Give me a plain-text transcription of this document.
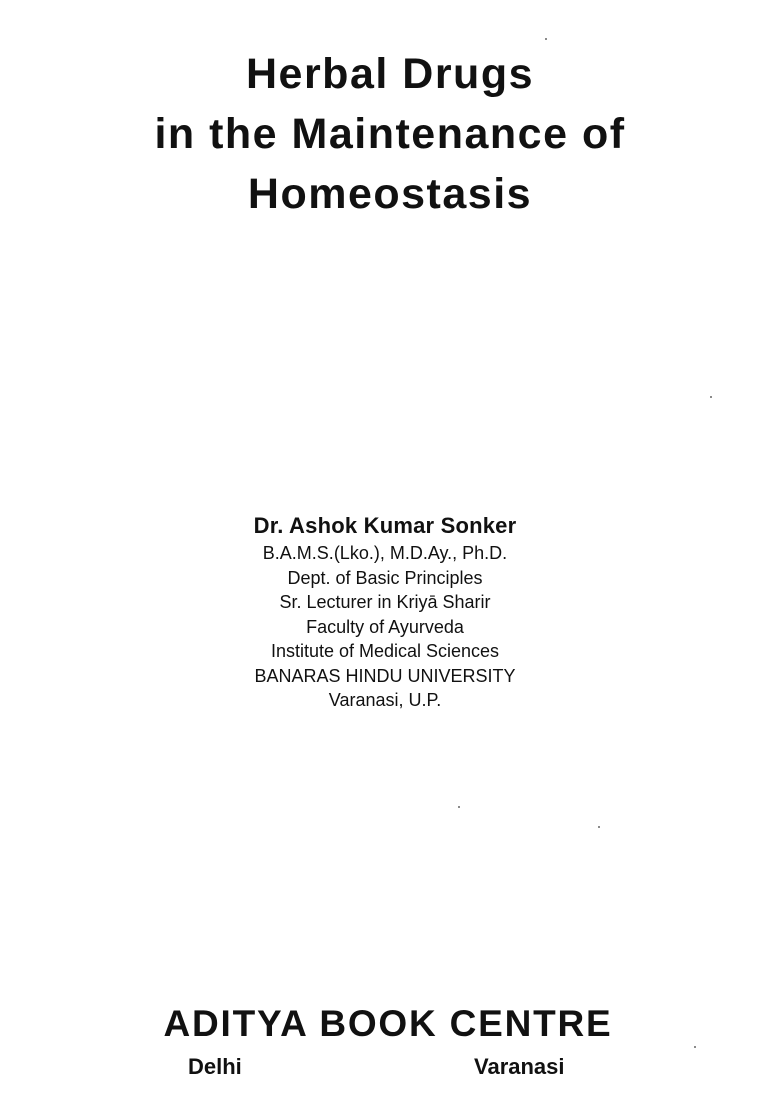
Herbal Drugs
in the Maintenance of
Homeostasis
Dr. Ashok Kumar Sonker
B.A.M.S.(Lko.), M.D.Ay., Ph.D.
Dept. of Basic Principles
Sr. Lecturer in Kriyā Sharir
Faculty of Ayurveda
Institute of Medical Sciences
BANARAS HINDU UNIVERSITY
Varanasi, U.P.
ADITYA BOOK CENTRE
Delhi	Varanasi
